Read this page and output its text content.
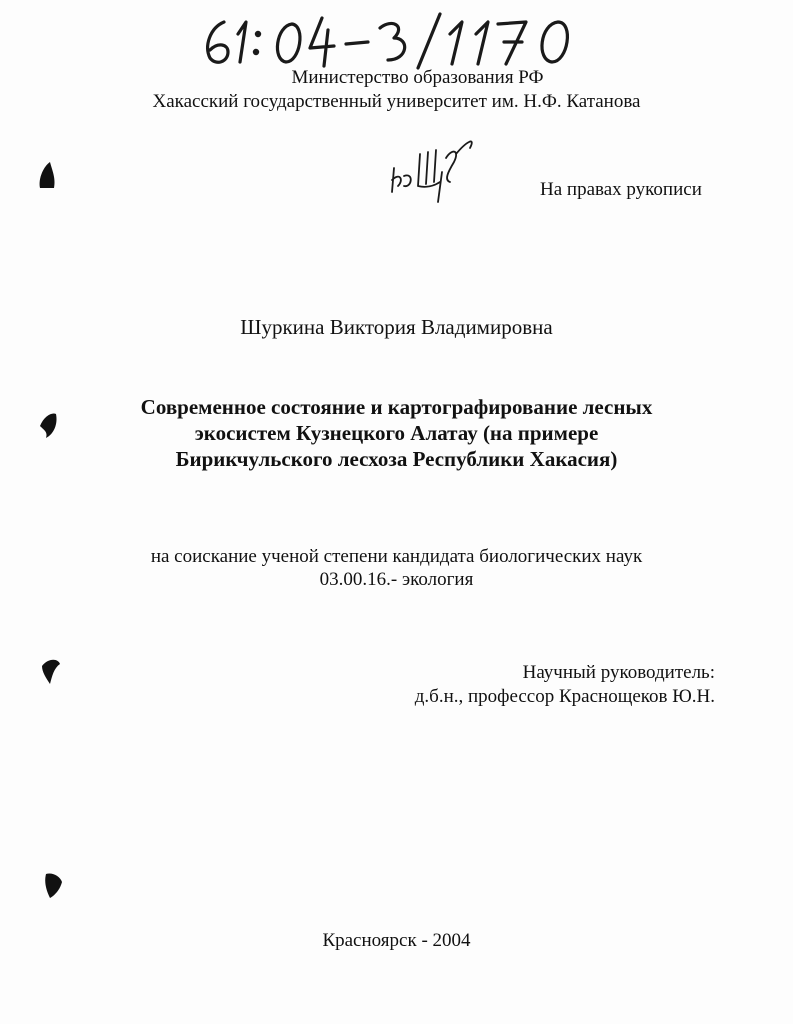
Министерство образования РФ
Хакасский государственный университет им. Н.Ф. Катанова
На правах рукописи
Шуркина Виктория Владимировна
Современное состояние и картографирование лесных
экосистем Кузнецкого Алатау (на примере
Бирикчульского лесхоза Республики Хакасия)
на соискание ученой степени кандидата биологических наук
03.00.16.- экология
Научный руководитель:
д.б.н., профессор Краснощеков Ю.Н.
Красноярск - 2004
